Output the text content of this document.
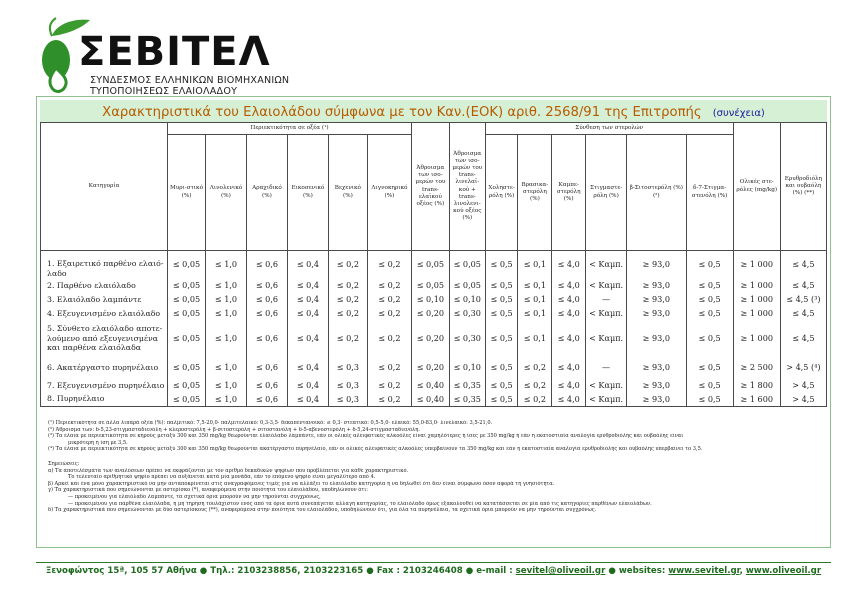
ΣΕΒΙΤΕΛ
ΣΥΝΔΕΣΜΟΣ ΕΛΛΗΝΙΚΩΝ ΒΙΟΜΗΧΑΝΙΩΝ
ΤΥΠΟΠΟΙΗΣΕΩΣ ΕΛΑΙΟΛΑΔΟΥ
Χαρακτηριστικά του Ελαιολάδου σύμφωνα με τον Καν.(ΕΟΚ) αριθ. 2568/91 της Επιτροπής (συνέχεια)
Κατηγορία	Περιεκτικότητα σε οξέα (¹)						Άθροισμα των ισο-μερών του trans-ελαϊκού οξέος (%)	Άθροισμα των ισο-μερών του trans-λινελαϊ-κού + trans-λινολενι-κού οξέος (%)	Σύνθεση των στερολών						Ολικές στε-ρόλες (mg/kg)	Ερυθροδιόλη και ουβαόλη (%) (**)
	Μυρι-στικό (%)	Λινολενικό (%)	Αραχιδικό (%)	Εικοσενικό (%)	Βεχενικό (%)	Λιγνοκηρικό (%)			Χοληστε-ρόλη (%)	Βρασικα-στερόλη (%)	Καμπε-στερόλη (%)	Στιγμαστε-ρόλη (%)	β-Σιτοστερόλη (%) (²)	δ-7-Στιγμα-στενόλη (%)		
1. Εξαιρετικό παρθένο ελαιό-λαδο	≤ 0,05	≤ 1,0	≤ 0,6	≤ 0,4	≤ 0,2	≤ 0,2	≤ 0,05	≤ 0,05	≤ 0,5	≤ 0,1	≤ 4,0	< Καμπ.	≥ 93,0	≤ 0,5	≥ 1 000	≤ 4,5
2. Παρθένο ελαιόλαδο	≤ 0,05	≤ 1,0	≤ 0,6	≤ 0,4	≤ 0,2	≤ 0,2	≤ 0,05	≤ 0,05	≤ 0,5	≤ 0,1	≤ 4,0	< Καμπ.	≥ 93,0	≤ 0,5	≥ 1 000	≤ 4,5
3. Ελαιόλαδο λαμπάντε	≤ 0,05	≤ 1,0	≤ 0,6	≤ 0,4	≤ 0,2	≤ 0,2	≤ 0,10	≤ 0,10	≤ 0,5	≤ 0,1	≤ 4,0	—	≥ 93,0	≤ 0,5	≥ 1 000	≤ 4,5 (³)
4. Εξευγενισμένο ελαιόλαδο	≤ 0,05	≤ 1,0	≤ 0,6	≤ 0,4	≤ 0,2	≤ 0,2	≤ 0,20	≤ 0,30	≤ 0,5	≤ 0,1	≤ 4,0	< Καμπ.	≥ 93,0	≤ 0,5	≥ 1 000	≤ 4,5
5. Σύνθετο ελαιόλαδο αποτε-λούμενο από εξευγενισμένα και παρθένα ελαιόλαδα	≤ 0,05	≤ 1,0	≤ 0,6	≤ 0,4	≤ 0,2	≤ 0,2	≤ 0,20	≤ 0,30	≤ 0,5	≤ 0,1	≤ 4,0	< Καμπ.	≥ 93,0	≤ 0,5	≥ 1 000	≤ 4,5
6. Ακατέργαστο πυρηνέλαιο	≤ 0,05	≤ 1,0	≤ 0,6	≤ 0,4	≤ 0,3	≤ 0,2	≤ 0,20	≤ 0,10	≤ 0,5	≤ 0,2	≤ 4,0	—	≥ 93,0	≤ 0,5	≥ 2 500	> 4,5 (⁴)
7. Εξευγενισμένο πυρηνέλαιο	≤ 0,05	≤ 1,0	≤ 0,6	≤ 0,4	≤ 0,3	≤ 0,2	≤ 0,40	≤ 0,35	≤ 0,5	≤ 0,2	≤ 4,0	< Καμπ.	≥ 93,0	≤ 0,5	≥ 1 800	> 4,5
8. Πυρηνέλαιο	≤ 0,05	≤ 1,0	≤ 0,6	≤ 0,4	≤ 0,3	≤ 0,2	≤ 0,40	≤ 0,35	≤ 0,5	≤ 0,2	≤ 4,0	< Καμπ.	≥ 93,0	≤ 0,5	≥ 1 600	> 4,5

(¹) Περιεκτικότητα σε άλλα λιπαρά οξέα (%): παλμιτικό: 7,5-20,0· παλμιτελαϊκό: 0,3-3,5· δεκαπεντανοϊκό: ≤ 0,3· στεατικό: 0,5-5,0· ελαϊκό: 55,0-83,0· λινελαϊκό: 3,5-21,0.

(²) Άθροισμα των: δ-5,23-στιγμασταδιενόλη + κλεροστερόλη + β-σιτοστερόλη + σιτοστανόλη + δ-5-αβενοστερόλη + δ-5,24-στιγμασταδιενόλη.

(³) Τα έλαια με περιεκτικότητα σε κηρούς μεταξύ 300 και 350 mg/kg θεωρούνται ελαιόλαδο λαμπάντε, εάν οι ολικές αλειφατικές αλκοόλες είναι χαμηλότερες ή ίσες με 350 mg/kg ή εάν η εκατοστιαία αναλογία ερυθροδιόλης και ουβαόλης είναι

μικρότερη ή ίση με 3,5.

(⁴) Τα έλαια με περιεκτικότητα σε κηρούς μεταξύ 300 και 350 mg/kg θεωρούνται ακατέργαστο πυρηνέλαιο, εάν οι ολικές αλειφατικές αλκοόλες υπερβαίνουν τα 350 mg/kg και εάν η εκατοστιαία αναλογία ερυθροδιόλης και ουβαόλης υπερβαίνει το 3,5.

Σημειώσεις:

α) Τα αποτελέσματα των αναλύσεων πρέπει να εκφράζονται με τον αριθμό δεκαδικών ψηφίων που προβλέπεται για κάθε χαρακτηριστικό.

Το τελευταίο αριθμητικό ψηφίο πρέπει να αυξάνεται κατά μία μονάδα, εάν το επόμενο ψηφίο είναι μεγαλύτερο από 4.

β) Αρκεί και ένα μόνο χαρακτηριστικό να μην ανταποκρίνεται στις αναγραφόμενες τιμές για να αλλάξει το ελαιόλαδο κατηγορία ή να δηλωθεί ότι δεν είναι σύμφωνο όσον αφορά τη γνησιότητα.

γ) Τα χαρακτηριστικά που σημειώνονται με αστερίσκο (*), αναφερόμενα στην ποιότητα του ελαιολάδου, υποδηλώνουν ότι:

— προκειμένου για ελαιόλαδο λαμπάντε, τα σχετικά όρια μπορούν να μην τηρούνται συγχρόνως,

— προκειμένου για παρθένα ελαιόλαδα, η μη τήρηση τουλάχιστον ενός από τα όρια αυτά συνεπάγεται αλλαγή κατηγορίας, το ελαιόλαδο όμως εξακολουθεί να κατατάσσεται σε μία από τις κατηγορίες παρθένων ελαιολάδων.

δ) Τα χαρακτηριστικά που σημειώνονται με δύο αστερίσκους (**), αναφερόμενα στην ποιότητα του ελαιολάδου, υποδηλώνουν ότι, για όλα τα πυρηνέλαια, τα σχετικά όρια μπορούν να μην τηρούνται συγχρόνως.

Ξενοφώντος 15ª, 105 57 Αθήνα ● Τηλ.: 2103238856, 2103223165 ● Fax : 2103246408 ● e-mail : sevitel@oliveoil.gr ● websites: www.sevitel.gr, www.oliveoil.gr
